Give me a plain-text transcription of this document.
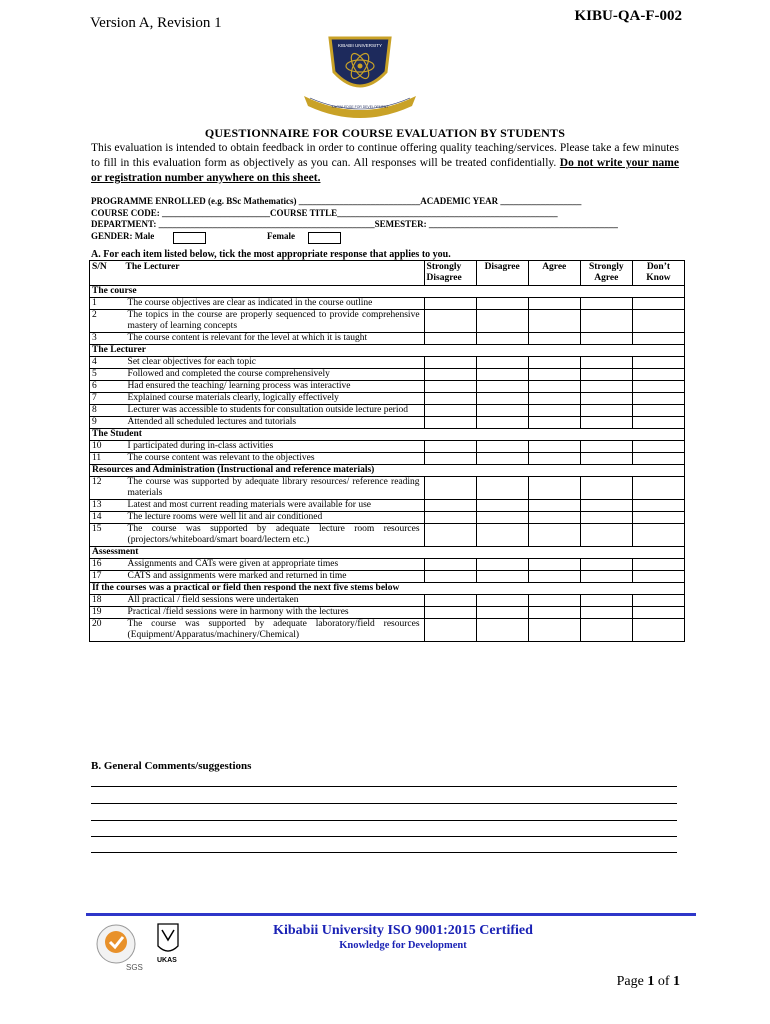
Version A, Revision 1	KIBU-QA-F-002
KIBABII UNIVERSITY
KNOWLEDGE FOR DEVELOPMENT
QUESTIONNAIRE FOR COURSE EVALUATION BY STUDENTS
This evaluation is intended to obtain feedback in order to continue offering quality teaching/services. Please take a few minutes to fill in this evaluation form as objectively as you can. All responses will be treated confidentially. Do not write your name or registration number anywhere on this sheet.
PROGRAMME ENROLLED (e.g. BSc Mathematics) ___________________________ACADEMIC YEAR __________________
COURSE CODE: ________________________COURSE TITLE_________________________________________________
DEPARTMENT: ________________________________________________SEMESTER: __________________________________________
GENDER: Male	Female
A. For each item listed below, tick the most appropriate response that applies to you.
S/N	The Lecturer	Strongly Disagree	Disagree	Agree	Strongly Agree	Don’t Know
The course						
1	The course objectives are clear as indicated in the course outline					
2	The topics in the course are properly sequenced to provide comprehensive mastery of learning concepts					
3	The course content is relevant for the level at which it is taught					
The Lecturer						
4	Set clear objectives for each topic					
5	Followed and completed the course comprehensively					
6	Had ensured the teaching/ learning process was interactive					
7	Explained course materials clearly, logically effectively					
8	Lecturer was accessible to students for consultation outside lecture period					
9	Attended all scheduled lectures and tutorials					
The Student						
10	I participated during in-class activities					
11	The course content was relevant to the objectives					
Resources and Administration (Instructional and reference materials)						
12	The course was supported by adequate library resources/ reference reading materials					
13	Latest and most current reading materials were available for use					
14	The lecture rooms were well lit and air conditioned					
15	The course was supported by adequate lecture room resources (projectors/whiteboard/smart board/lectern etc.)					
Assessment						
16	Assignments and CATs were given at appropriate times					
17	CATS and assignments were marked and returned in time					
If the courses was a practical or field then respond the next five stems below						
18	All practical / field sessions were undertaken					
19	Practical /field sessions were in harmony with the lectures					
20	The course was supported by adequate laboratory/field resources (Equipment/Apparatus/machinery/Chemical)					
B. General Comments/suggestions
SGS
UKAS
Kibabii University ISO 9001:2015 Certified
Knowledge for Development
Page 1 of 1
